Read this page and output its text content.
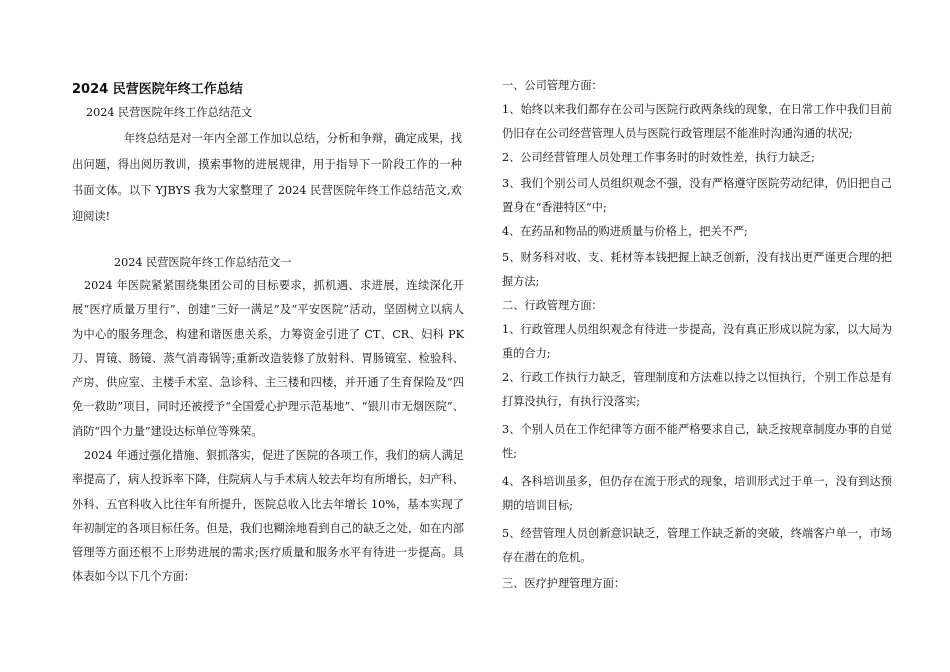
2024 民营医院年终工作总结
2024 民营医院年终工作总结范文

年终总结是对一年内全部工作加以总结，分析和争辩，确定成果，找出问题，得出阅历教训，摸索事物的进展规律，用于指导下一阶段工作的一种书面文体。以下 YJBYS 我为大家整理了 2024 民营医院年终工作总结范文,欢迎阅读!

2024 民营医院年终工作总结范文一

2024 年医院紧紧围绕集团公司的目标要求，抓机遇、求进展，连续深化开展“医疗质量万里行”、创建“三好一满足”及“平安医院”活动，坚固树立以病人为中心的服务理念，构建和谐医患关系，力筹资金引进了 CT、CR、妇科 PK 刀、胃镜、肠镜、蒸气消毒锅等;重新改造装修了放射科、胃肠镜室、检验科、产房、供应室、主楼手术室、急诊科、主三楼和四楼，并开通了生育保险及“四免一救助”项目，同时还被授予“全国爱心护理示范基地”、“银川市无烟医院”、消防“四个力量”建设达标单位等殊荣。

2024 年通过强化措施、狠抓落实，促进了医院的各项工作，我们的病人满足率提高了，病人投诉率下降，住院病人与手术病人较去年均有所增长，妇产科、外科、五官科收入比往年有所提升，医院总收入比去年增长 10%，基本实现了年初制定的各项目标任务。但是，我们也糊涂地看到自己的缺乏之处，如在内部管理等方面还根不上形势进展的需求;医疗质量和服务水平有待进一步提高。具体表如今以下几个方面：

一、公司管理方面：

1、始终以来我们都存在公司与医院行政两条线的现象，在日常工作中我们目前仍旧存在公司经营管理人员与医院行政管理层不能准时沟通沟通的状况;

2、公司经营管理人员处理工作事务时的时效性差，执行力缺乏;

3、我们个别公司人员组织观念不强，没有严格遵守医院劳动纪律，仍旧把自己置身在“香港特区”中;

4、在药品和物品的购进质量与价格上，把关不严;

5、财务科对收、支、耗材等本钱把握上缺乏创新，没有找出更严谨更合理的把握方法;

二、行政管理方面：

1、行政管理人员组织观念有待进一步提高，没有真正形成以院为家，以大局为重的合力;

2、行政工作执行力缺乏，管理制度和方法难以持之以恒执行，个别工作总是有打算没执行，有执行没落实;

3、个别人员在工作纪律等方面不能严格要求自己，缺乏按规章制度办事的自觉性;

4、各科培训虽多，但仍存在流于形式的现象，培训形式过于单一，没有到达预期的培训目标;

5、经营管理人员创新意识缺乏，管理工作缺乏新的突破，终端客户单一，市场存在潜在的危机。

三、医疗护理管理方面：
